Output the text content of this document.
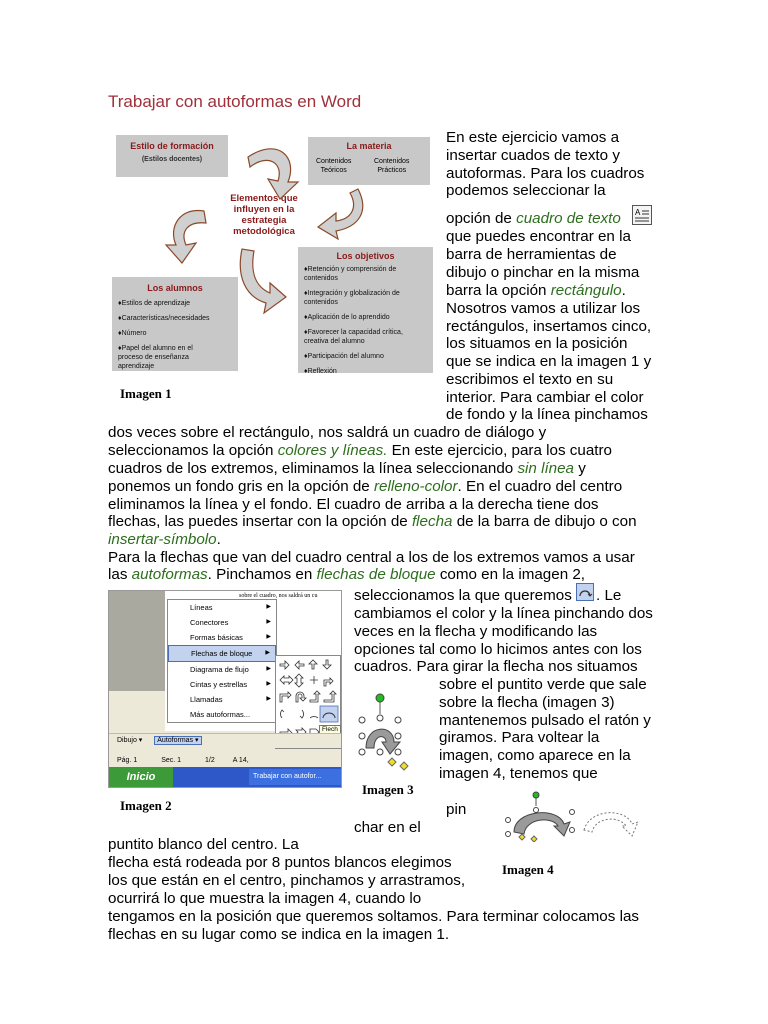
Trabajar con autoformas en Word
Estilo de formación
(Estilos docentes)
La materia
Contenidos
Teóricos
Contenidos
Prácticos
Elementos que
influyen en la
estrategia
metodológica
Los alumnos
♦Estilos de aprendizaje
♦Características/necesidades
♦Número
♦Papel del alumno en el
proceso de enseñanza
aprendizaje
Los objetivos
♦Retención y comprensión de
contenidos
♦Integración y globalización de
contenidos
♦Aplicación de lo aprendido
♦Favorecer la capacidad crítica,
creativa del alumno
♦Participación del alumno
♦Reflexión
Imagen 1
En este ejercicio vamos a
insertar cuados de texto y
autoformas. Para los cuadros
podemos seleccionar la
opción de cuadro de texto A
que puedes encontrar en la
barra de herramientas de
dibujo o pinchar en la misma
barra la opción rectángulo.
Nosotros vamos a utilizar los
rectángulos, insertamos cinco,
los situamos en la posición
que se indica en la imagen 1 y
escribimos el texto en su
interior. Para cambiar el color
de fondo y la línea pinchamos
dos veces sobre el rectángulo, nos saldrá un cuadro de diálogo y
seleccionamos la opción colores y líneas. En este ejercicio, para los cuatro
cuadros de los extremos, eliminamos la línea seleccionando sin línea y
ponemos un fondo gris en la opción de relleno-color. En el cuadro del centro
eliminamos la línea y el fondo. El cuadro de arriba a la derecha tiene dos
flechas, las puedes insertar con la opción de flecha de la barra de dibujo o con
insertar-símbolo.
Para la flechas que van del cuadro central a los de los extremos vamos a usar
las autoformas. Pinchamos en flechas de bloque como en la imagen 2,
sobre el cuadro, nos saldrá un cu
Líneas	▶
Conectores	▶
Formas básicas	▶
Flechas de bloque ▶
Diagrama de flujo	▶
Cintas y estrellas	▶
Llamadas	▶
Más autoformas...
Flech
Dibujo ▾ Autoformas ▾
Pág. 1	Sec. 1	1/2	A 14,
Inicio	Trabajar con autofor...
Imagen 2
seleccionamos la que queremos . Le
cambiamos el color y la línea pinchando dos
veces en la flecha y modificando las
opciones tal como lo hicimos antes con los
cuadros. Para girar la flecha nos situamos
sobre el puntito verde que sale
sobre la flecha (imagen 3)
mantenemos pulsado el ratón y
giramos. Para voltear la
imagen, como aparece en la
imagen 4, tenemos que
pin
char en el
Imagen 3
Imagen 4
puntito blanco del centro. La
flecha está rodeada por 8 puntos blancos elegimos
los que están en el centro, pinchamos y arrastramos,
ocurrirá lo que muestra la imagen 4, cuando lo
tengamos en la posición que queremos soltamos. Para terminar colocamos las
flechas en su lugar como se indica en la imagen 1.
